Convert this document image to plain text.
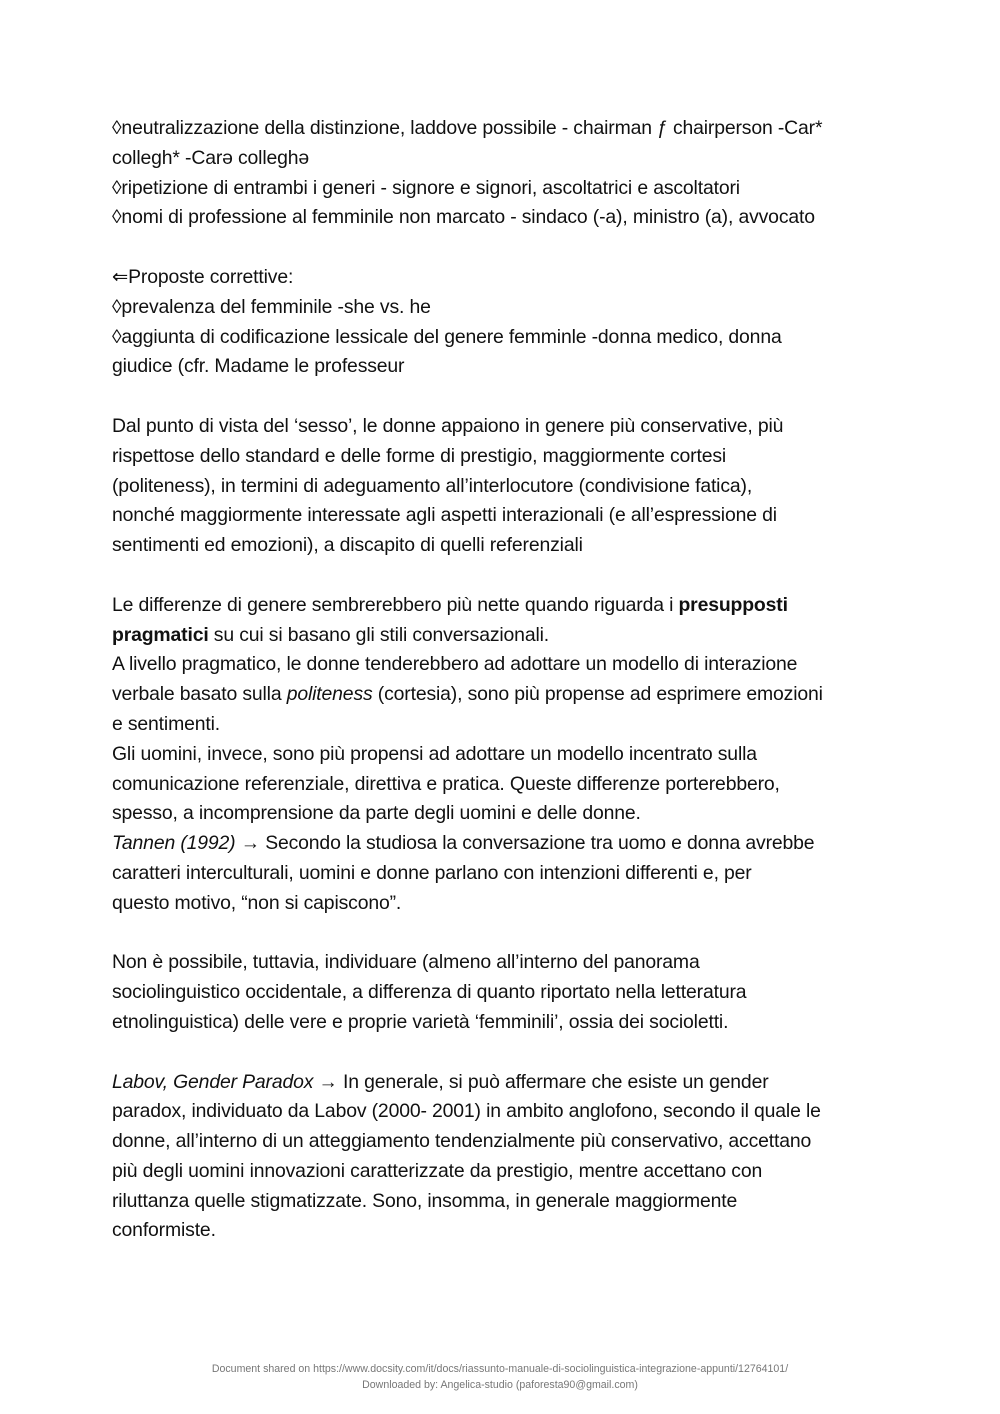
◊neutralizzazione della distinzione, laddove possibile - chairman ƒ chairperson -Car*
collegh* -Carə colleghə
◊ripetizione di entrambi i generi - signore e signori, ascoltatrici e ascoltatori
◊nomi di professione al femminile non marcato - sindaco (-a), ministro (a), avvocato
⇐Proposte correttive:
◊prevalenza del femminile -she vs. he
◊aggiunta di codificazione lessicale del genere femminle -donna medico, donna
giudice (cfr. Madame le professeur
Dal punto di vista del ‘sesso’, le donne appaiono in genere più conservative, più
rispettose dello standard e delle forme di prestigio, maggiormente cortesi
(politeness), in termini di adeguamento all’interlocutore (condivisione fatica),
nonché maggiormente interessate agli aspetti interazionali (e all’espressione di
sentimenti ed emozioni), a discapito di quelli referenziali
Le differenze di genere sembrerebbero più nette quando riguarda i presupposti
pragmatici su cui si basano gli stili conversazionali.
A livello pragmatico, le donne tenderebbero ad adottare un modello di interazione
verbale basato sulla politeness (cortesia), sono più propense ad esprimere emozioni
e sentimenti.
Gli uomini, invece, sono più propensi ad adottare un modello incentrato sulla
comunicazione referenziale, direttiva e pratica. Queste differenze porterebbero,
spesso, a incomprensione da parte degli uomini e delle donne.
Tannen (1992) → Secondo la studiosa la conversazione tra uomo e donna avrebbe
caratteri interculturali, uomini e donne parlano con intenzioni differenti e, per
questo motivo, “non si capiscono”.
Non è possibile, tuttavia, individuare (almeno all’interno del panorama
sociolinguistico occidentale, a differenza di quanto riportato nella letteratura
etnolinguistica) delle vere e proprie varietà ‘femminili’, ossia dei socioletti.
Labov, Gender Paradox → In generale, si può affermare che esiste un gender
paradox, individuato da Labov (2000- 2001) in ambito anglofono, secondo il quale le
donne, all’interno di un atteggiamento tendenzialmente più conservativo, accettano
più degli uomini innovazioni caratterizzate da prestigio, mentre accettano con
riluttanza quelle stigmatizzate. Sono, insomma, in generale maggiormente
conformiste.
Document shared on https://www.docsity.com/it/docs/riassunto-manuale-di-sociolinguistica-integrazione-appunti/12764101/
Downloaded by: Angelica-studio (paforesta90@gmail.com)
